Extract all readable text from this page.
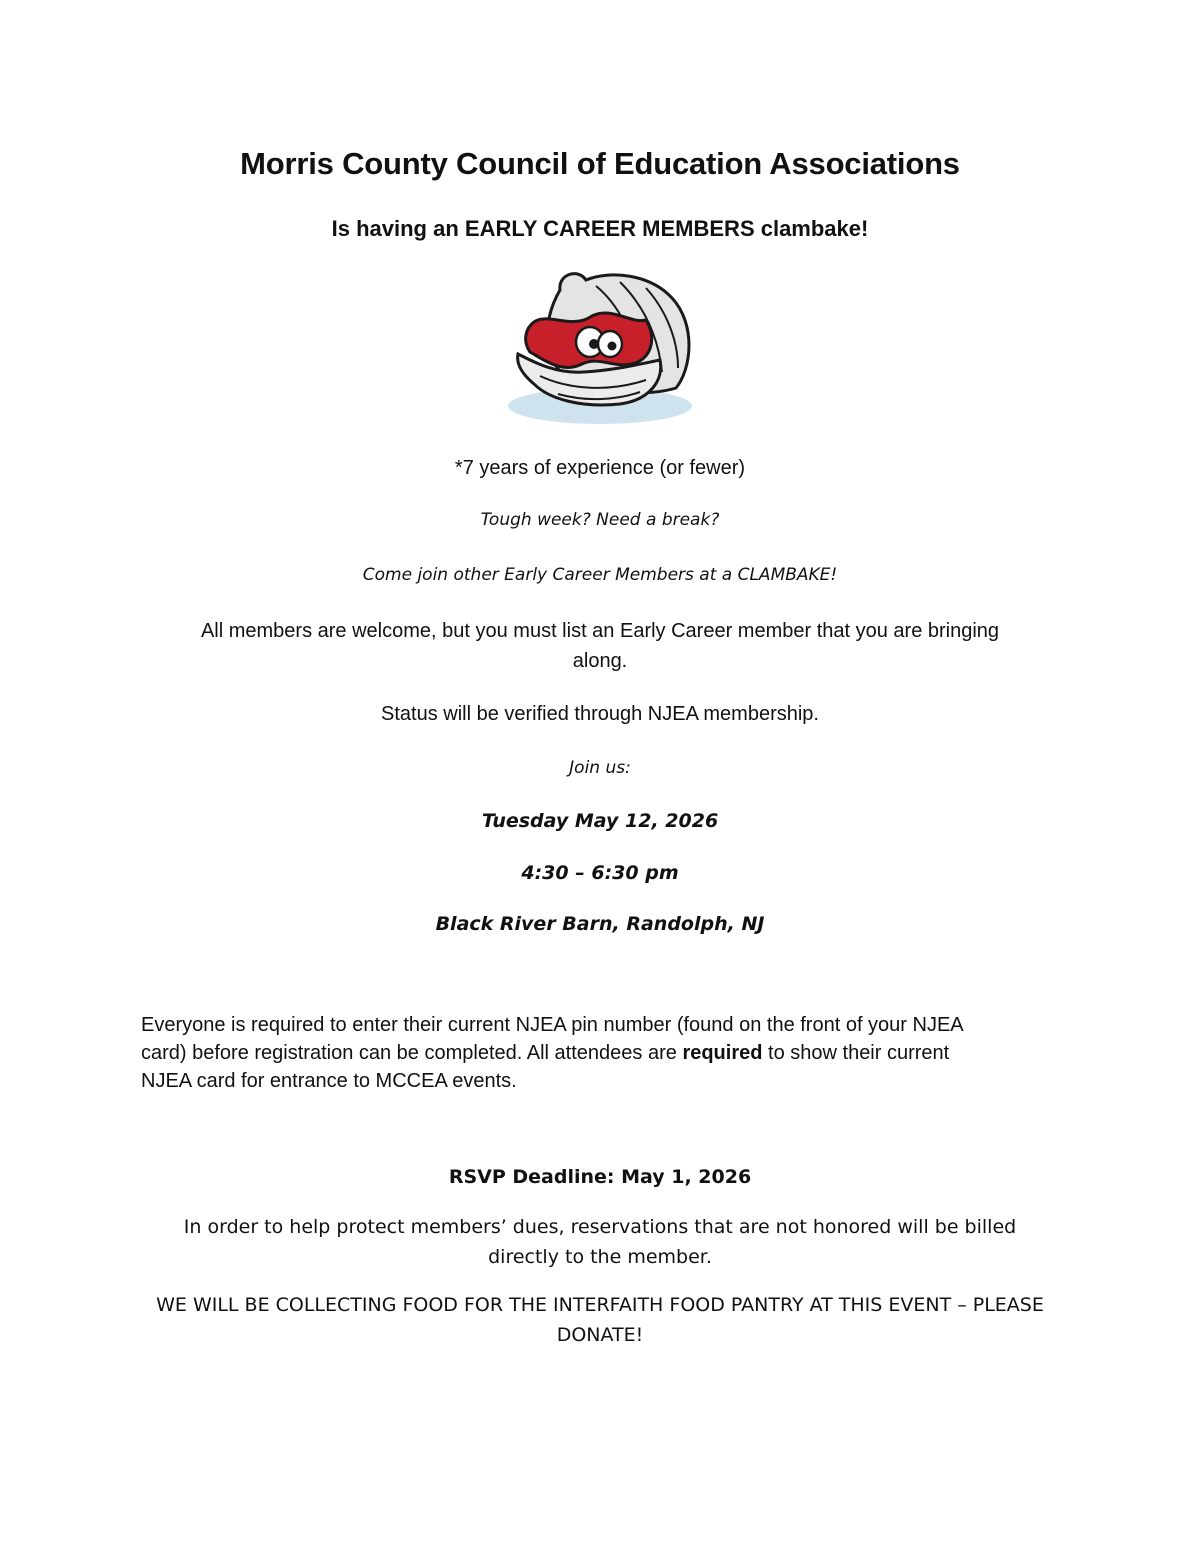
Morris County Council of Education Associations
Is having an EARLY CAREER MEMBERS clambake!

*7 years of experience (or fewer)

Tough week? Need a break?

Come join other Early Career Members at a CLAMBAKE!

All members are welcome, but you must list an Early Career member that you are bringing
along.

Status will be verified through NJEA membership.

Join us:

Tuesday May 12, 2026

4:30 – 6:30 pm

Black River Barn, Randolph, NJ

Everyone is required to enter their current NJEA pin number (found on the front of your NJEA
card) before registration can be completed. All attendees are required to show their current
NJEA card for entrance to MCCEA events.

RSVP Deadline: May 1, 2026

In order to help protect members’ dues, reservations that are not honored will be billed
directly to the member.
WE WILL BE COLLECTING FOOD FOR THE INTERFAITH FOOD PANTRY AT THIS EVENT – PLEASE
DONATE!
